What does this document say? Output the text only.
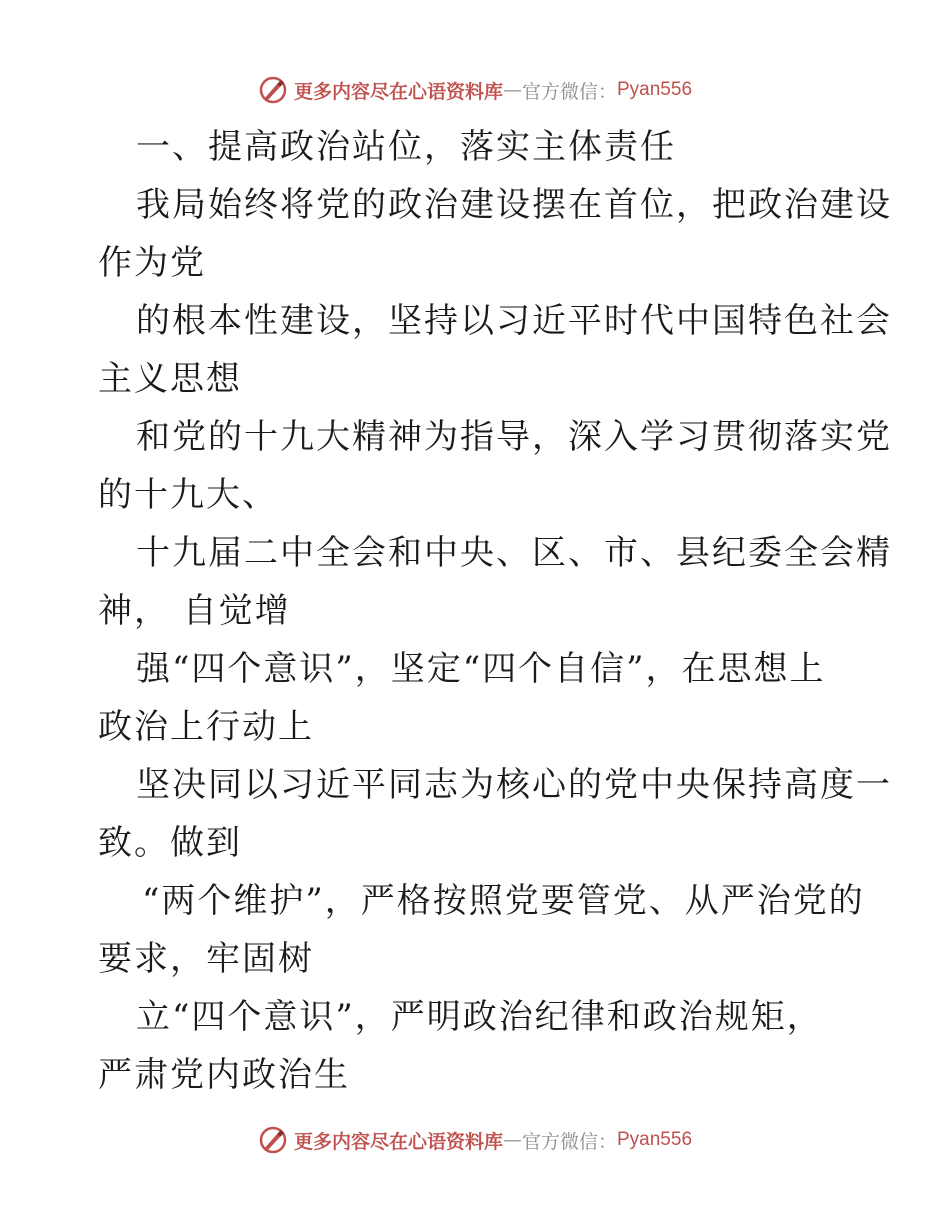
更多内容尽在心语资料库 — 官方微信： Pyan556
一、提高政治站位，落实主体责任
我局始终将党的政治建设摆在首位，把政治建设
作为党
的根本性建设，坚持以习近平时代中国特色社会
主义思想
和党的十九大精神为指导，深入学习贯彻落实党
的十九大、
十九届二中全会和中央、区、市、县纪委全会精
神， 自觉增
强“四个意识”，坚定“四个自信”，在思想上
政治上行动上
坚决同以习近平同志为核心的党中央保持高度一
致。做到
“两个维护”，严格按照党要管党、从严治党的
要求，牢固树
立“四个意识”，严明政治纪律和政治规矩，
严肃党内政治生
更多内容尽在心语资料库 — 官方微信： Pyan556
